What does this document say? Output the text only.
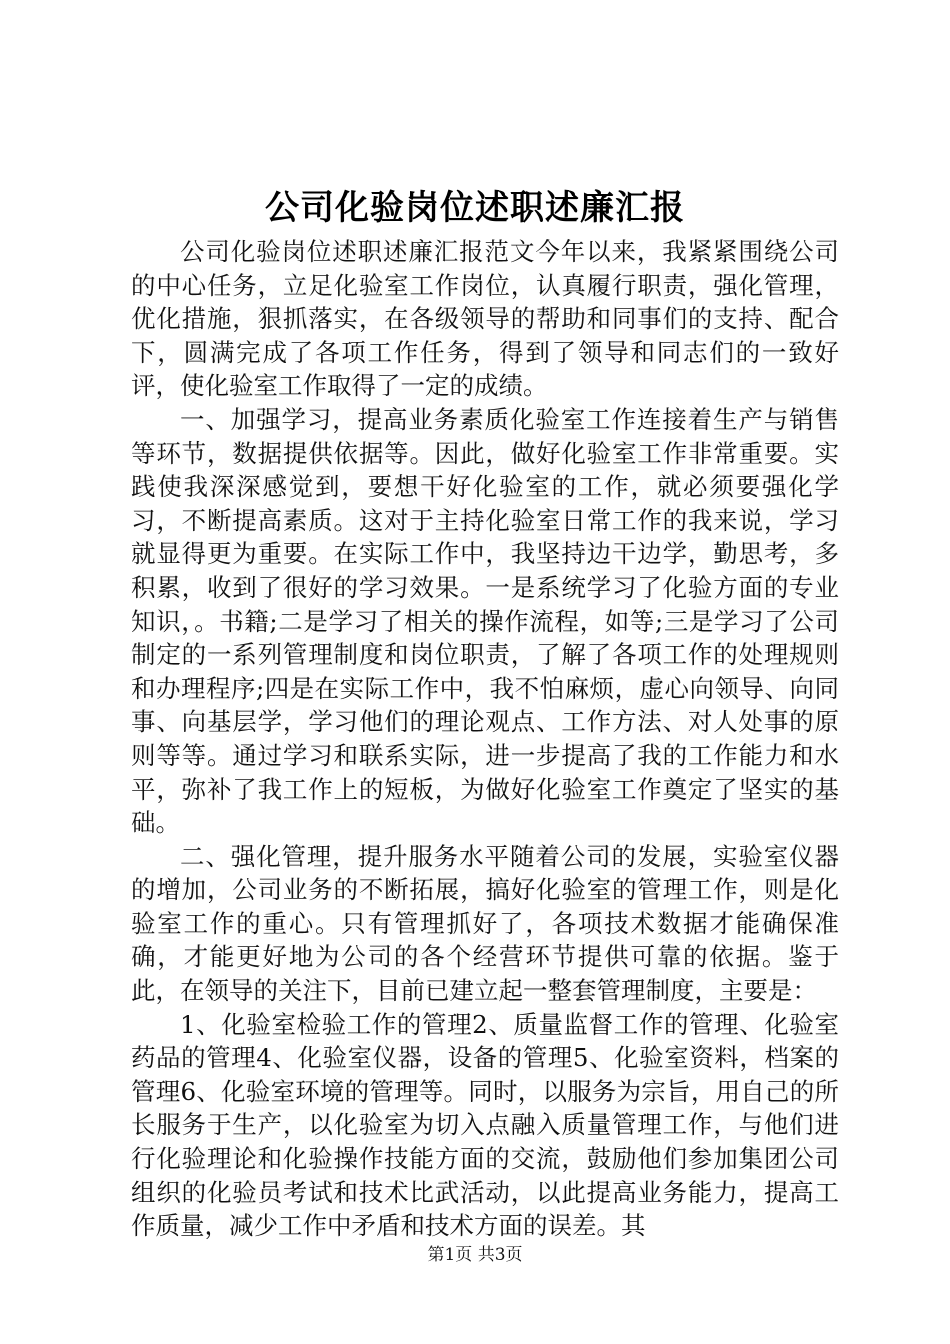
公司化验岗位述职述廉汇报

公司化验岗位述职述廉汇报范文今年以来，我紧紧围绕公司的中心任务，立足化验室工作岗位，认真履行职责，强化管理，优化措施，狠抓落实，在各级领导的帮助和同事们的支持、配合下，圆满完成了各项工作任务，得到了领导和同志们的一致好评，使化验室工作取得了一定的成绩。

一、加强学习，提高业务素质化验室工作连接着生产与销售等环节，数据提供依据等。因此，做好化验室工作非常重要。实践使我深深感觉到，要想干好化验室的工作，就必须要强化学习，不断提高素质。这对于主持化验室日常工作的我来说，学习就显得更为重要。在实际工作中，我坚持边干边学，勤思考，多积累，收到了很好的学习效果。一是系统学习了化验方面的专业知识，。书籍;二是学习了相关的操作流程，如等;三是学习了公司制定的一系列管理制度和岗位职责，了解了各项工作的处理规则和办理程序;四是在实际工作中，我不怕麻烦，虚心向领导、向同事、向基层学，学习他们的理论观点、工作方法、对人处事的原则等等。通过学习和联系实际，进一步提高了我的工作能力和水平，弥补了我工作上的短板，为做好化验室工作奠定了坚实的基础。

二、强化管理，提升服务水平随着公司的发展，实验室仪器的增加，公司业务的不断拓展，搞好化验室的管理工作，则是化验室工作的重心。只有管理抓好了，各项技术数据才能确保准确，才能更好地为公司的各个经营环节提供可靠的依据。鉴于此，在领导的关注下，目前已建立起一整套管理制度，主要是：

1、化验室检验工作的管理2、质量监督工作的管理、化验室药品的管理4、化验室仪器，设备的管理5、化验室资料，档案的管理6、化验室环境的管理等。同时，以服务为宗旨，用自己的所长服务于生产，以化验室为切入点融入质量管理工作，与他们进行化验理论和化验操作技能方面的交流，鼓励他们参加集团公司组织的化验员考试和技术比武活动，以此提高业务能力，提高工作质量，减少工作中矛盾和技术方面的误差。其

第1页 共3页
